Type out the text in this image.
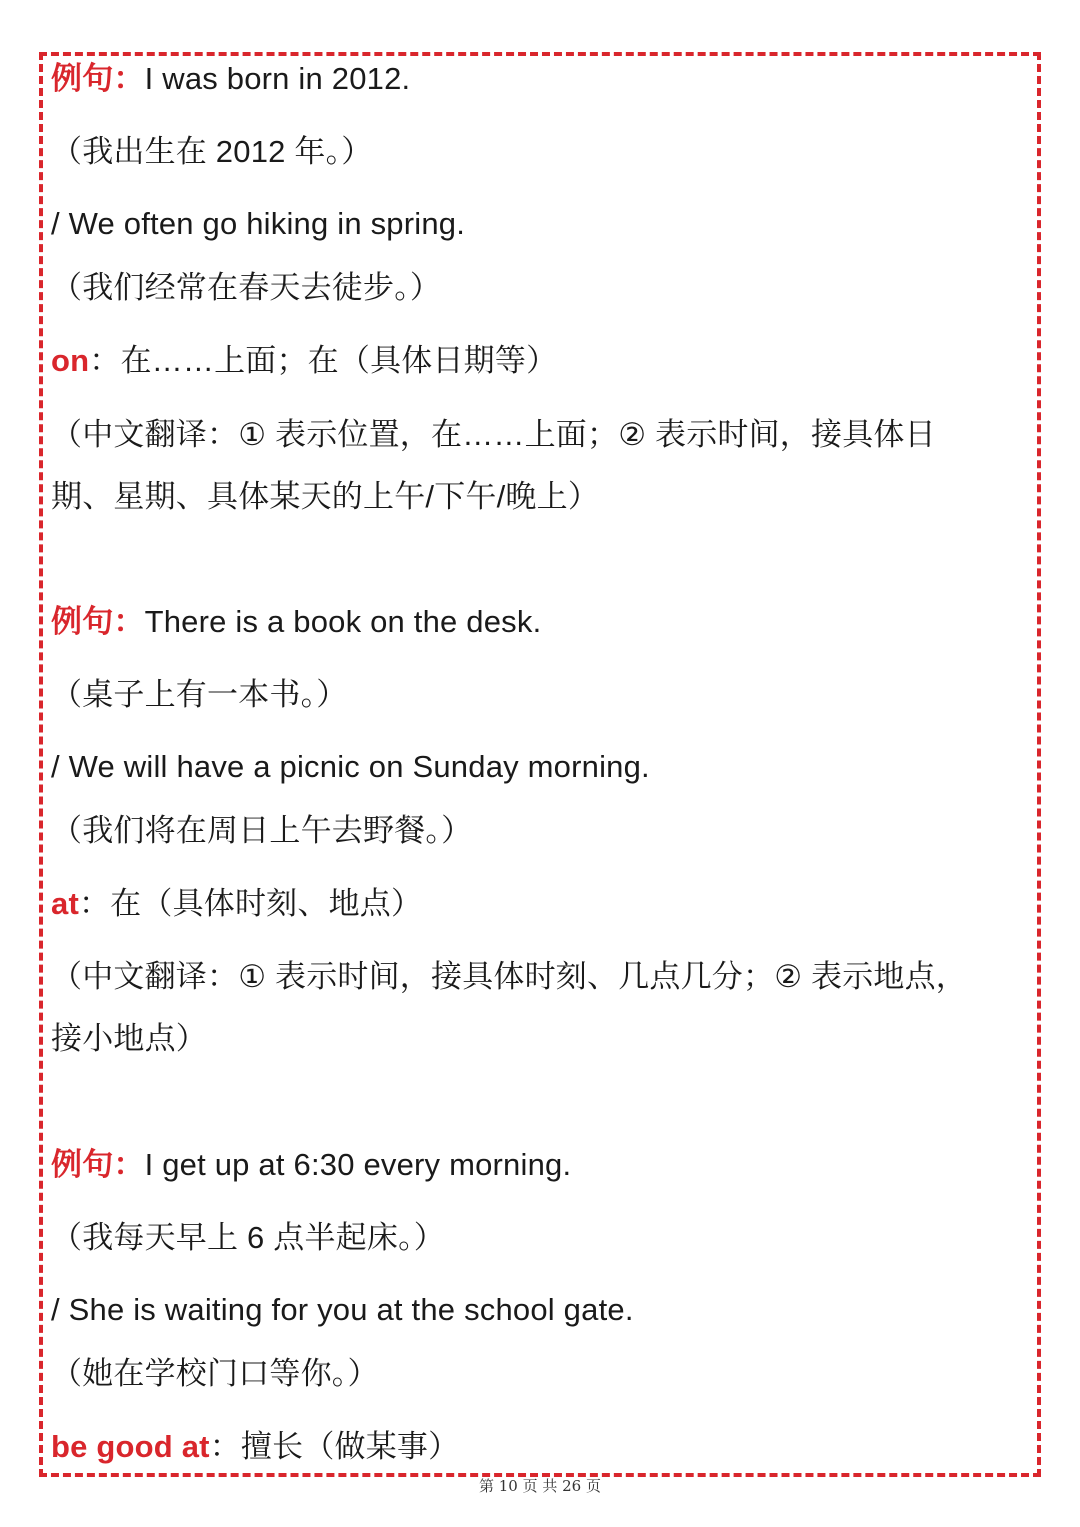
例句：I was born in 2012.

（我出生在 2012 年。）

/ We often go hiking in spring.

（我们经常在春天去徒步。）

on：在……上面；在（具体日期等）

（中文翻译：① 表示位置，在……上面；② 表示时间，接具体日

期、星期、具体某天的上午/下午/晚上）

例句：There is a book on the desk.

（桌子上有一本书。）

/ We will have a picnic on Sunday morning.

（我们将在周日上午去野餐。）

at：在（具体时刻、地点）

（中文翻译：① 表示时间，接具体时刻、几点几分；② 表示地点，

接小地点）

例句：I get up at 6:30 every morning.

（我每天早上 6 点半起床。）

/ She is waiting for you at the school gate.

（她在学校门口等你。）

be good at：擅长（做某事）

第 10 页 共 26 页
